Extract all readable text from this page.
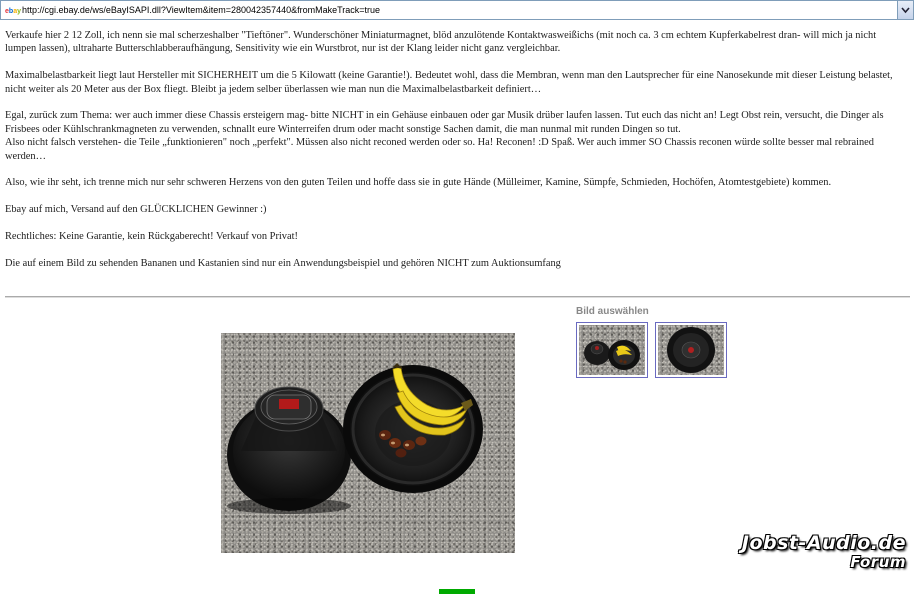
ebay http://cgi.ebay.de/ws/eBayISAPI.dll?ViewItem&item=280042357440&fromMakeTrack=true

Verkaufe hier 2 12 Zoll, ich nenn sie mal scherzeshalber "Tieftöner". Wunderschöner Miniaturmagnet, blöd anzulötende Kontaktwasweißichs (mit noch ca. 3 cm echtem Kupferkabelrest dran- will mich ja nicht lumpen lassen), ultraharte Butterschlabberaufhängung, Sensitivity wie ein Wurstbrot, nur ist der Klang leider nicht ganz vergleichbar.

Maximalbelastbarkeit liegt laut Hersteller mit SICHERHEIT um die 5 Kilowatt (keine Garantie!). Bedeutet wohl, dass die Membran, wenn man den Lautsprecher für eine Nanosekunde mit dieser Leistung belastet, nicht weiter als 20 Meter aus der Box fliegt. Bleibt ja jedem selber überlassen wie man nun die Maximalbelastbarkeit definiert…

Egal, zurück zum Thema: wer auch immer diese Chassis ersteigern mag- bitte NICHT in ein Gehäuse einbauen oder gar Musik drüber laufen lassen. Tut euch das nicht an! Legt Obst rein, versucht, die Dinger als Frisbees oder Kühlschrankmagneten zu verwenden, schnallt eure Winterreifen drum oder macht sonstige Sachen damit, die man nunmal mit runden Dingen so tut.
Also nicht falsch verstehen- die Teile „funktionieren" noch „perfekt". Müssen also nicht reconed werden oder so. Ha! Reconen! :D Spaß. Wer auch immer SO Chassis reconen würde sollte besser mal rebrained werden…

Also, wie ihr seht, ich trenne mich nur sehr schweren Herzens von den guten Teilen und hoffe dass sie in gute Hände (Mülleimer, Kamine, Sümpfe, Schmieden, Hochöfen, Atomtestgebiete) kommen.

Ebay auf mich, Versand auf den GLÜCKLICHEN Gewinner :)

Rechtliches: Keine Garantie, kein Rückgaberecht! Verkauf von Privat!

Die auf einem Bild zu sehenden Bananen und Kastanien sind nur ein Anwendungsbeispiel und gehören NICHT zum Auktionsumfang

Bild auswählen
Jobst-Audio.de
Forum
